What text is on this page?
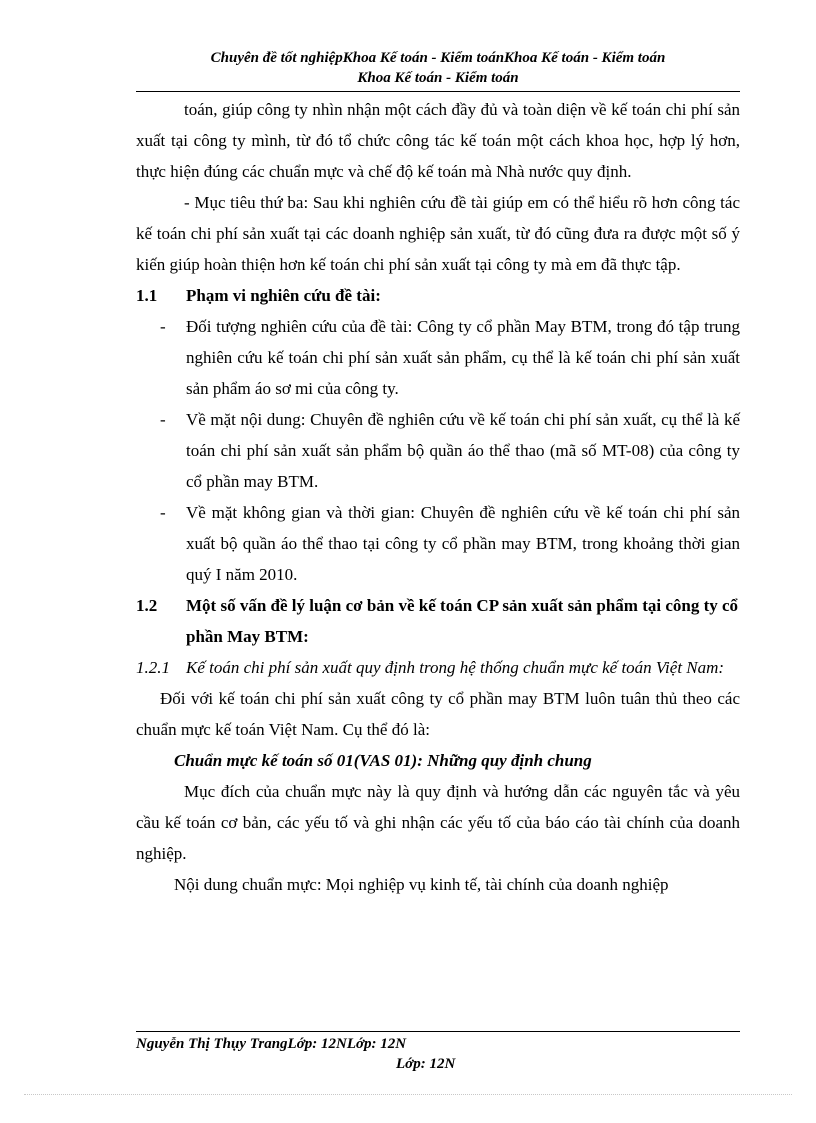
Chuyên đề tốt nghiệpKhoa Kế toán - Kiểm toánKhoa Kế toán - Kiểm toán
Khoa Kế toán - Kiểm toán

toán, giúp công ty nhìn nhận một cách đầy đủ và toàn diện về kế toán chi phí sản xuất tại công ty mình, từ đó tổ chức công tác kế toán một cách khoa học, hợp lý hơn, thực hiện đúng các chuẩn mực và chế độ kế toán mà Nhà nước quy định.

- Mục tiêu thứ ba: Sau khi nghiên cứu đề tài giúp em có thể hiểu rõ hơn công tác kế toán chi phí sản xuất tại các doanh nghiệp sản xuất, từ đó cũng đưa ra được một số ý kiến giúp hoàn thiện hơn kế toán chi phí sản xuất tại công ty mà em đã thực tập.

1.1	Phạm vi nghiên cứu đề tài:
-	Đối tượng nghiên cứu của đề tài: Công ty cổ phần May BTM, trong đó tập trung nghiên cứu kế toán chi phí sản xuất sản phẩm, cụ thể là kế toán chi phí sản xuất sản phẩm áo sơ mi của công ty.
-	Về mặt nội dung: Chuyên đề nghiên cứu về kế toán chi phí sản xuất, cụ thể là kế toán chi phí sản xuất sản phẩm bộ quần áo thể thao (mã số MT-08) của công ty cổ phần may BTM.
-	Về mặt không gian và thời gian: Chuyên đề nghiên cứu về kế toán chi phí sản xuất bộ quần áo thể thao tại công ty cổ phần may BTM, trong khoảng thời gian quý I năm 2010.
1.2	Một số vấn đề lý luận cơ bản về kế toán CP sản xuất sản phẩm tại công ty cổ phần May BTM:
1.2.1 Kế toán chi phí sản xuất quy định trong hệ thống chuẩn mực kế toán Việt Nam:

Đối với kế toán chi phí sản xuất công ty cổ phần may BTM luôn tuân thủ theo các chuẩn mực kế toán Việt Nam. Cụ thể đó là:

Chuẩn mực kế toán số 01(VAS 01): Những quy định chung

Mục đích của chuẩn mực này là quy định và hướng dẫn các nguyên tắc và yêu cầu kế toán cơ bản, các yếu tố và ghi nhận các yếu tố của báo cáo tài chính của doanh nghiệp.

Nội dung chuẩn mực: Mọi nghiệp vụ kinh tế, tài chính của doanh nghiệp

Nguyễn Thị Thụy TrangLớp: 12NLớp: 12N
Lớp: 12N
